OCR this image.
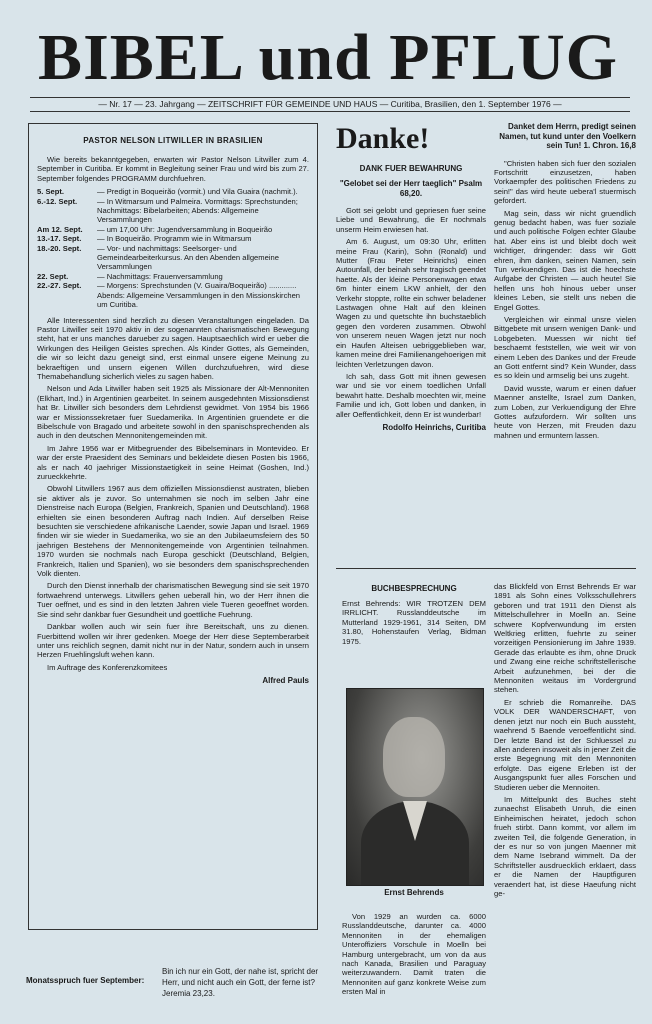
BIBEL und PFLUG
— Nr. 17 — 23. Jahrgang — ZEITSCHRIFT FÜR GEMEINDE UND HAUS — Curitiba, Brasilien, den 1. September 1976 —
PASTOR NELSON LITWILLER IN BRASILIEN

Wie bereits bekanntgegeben, erwarten wir Pastor Nelson Litwiller zum 4. September in Curitiba. Er kommt in Begleitung seiner Frau und wird bis zum 27. September folgendes PROGRAMM durchfuehren.

5. Sept.	— Predigt in Boqueirão (vormit.) und Vila Guaira (nachmit.).
6.-12. Sept.	— In Witmarsum und Palmeira. Vormittags: Sprechstunden; Nachmittags: Bibelarbeiten; Abends: Allgemeine Versammlungen
Am 12. Sept.	— um 17,00 Uhr: Jugendversammlung in Boqueirão
13.-17. Sept.	— In Boqueirão. Programm wie in Witmarsum
18.-20. Sept.	— Vor- und nachmittags: Seelsorger- und Gemeindearbeiterkursus. An den Abenden allgemeine Versammlungen
22. Sept.	— Nachmittags: Frauenversammlung
22.-27. Sept.	— Morgens: Sprechstunden (V. Guaira/Boqueirão) ............. Abends: Allgemeine Versammlungen in den Missionskirchen um Curitiba.

Alle Interessenten sind herzlich zu diesen Veranstaltungen eingeladen. Da Pastor Litwiller seit 1970 aktiv in der sogenannten charismatischen Bewegung steht, hat er uns manches darueber zu sagen. Hauptsaechlich wird er ueber die Wirkungen des Heiligen Geistes sprechen. Als Kinder Gottes, als Gemeinden, die wir so leicht dazu geneigt sind, erst einmal unsere eigene Meinung zu bekraeftigen und unsern eigenen Willen durchzufuehren, wird diese Themabehandlung sicherlich vieles zu sagen haben.

Nelson und Ada Litwiller haben seit 1925 als Missionare der Alt-Mennoniten (Elkhart, Ind.) in Argentinien gearbeitet. In seinem ausgedehnten Missionsdienst hat Br. Litwiller sich besonders dem Lehrdienst gewidmet. Von 1954 bis 1966 war er Missionssekretaer fuer Suedamerika. In Argentinien gruendete er die Bibelschule von Bragado und arbeitete sowohl in den spanischsprechenden als auch in den deutschen Mennonitengemeinden mit.

Im Jahre 1956 war er Mitbegruender des Bibelseminars in Montevideo. Er war der erste Praesident des Seminars und bekleidete diesen Posten bis 1966, als er nach 40 jaehriger Missionstaetigkeit in seine Heimat (Goshen, Ind.) zurueckkehrte.

Obwohl Litwillers 1967 aus dem offiziellen Missionsdienst austraten, blieben sie aktiver als je zuvor. So unternahmen sie noch im selben Jahr eine Dienstreise nach Europa (Belgien, Frankreich, Spanien und Deutschland). 1968 erhielten sie einen besonderen Auftrag nach Indien. Auf derselben Reise besuchten sie verschiedene afrikanische Laender, sowie Japan und Israel. 1969 finden wir sie wieder in Suedamerika, wo sie an den Jubilaeumsfeiern des 50 jaehrigen Bestehens der Mennonitengemeinde von Argentinien teilnahmen. 1970 wurden sie nochmals nach Europa geschickt (Deutschland, Belgien, Frankreich, Italien und Spanien), wo sie besonders dem spanischsprechenden Volk dienten.

Durch den Dienst innerhalb der charismatischen Bewegung sind sie seit 1970 fortwaehrend unterwegs. Litwillers gehen ueberall hin, wo der Herr ihnen die Tuer oeffnet, und es sind in den letzten Jahren viele Tueren geoeffnet worden. Sie sind sehr dankbar fuer Gesundheit und goettliche Fuehrung.

Dankbar wollen auch wir sein fuer ihre Bereitschaft, uns zu dienen. Fuerbittend wollen wir ihrer gedenken. Moege der Herr diese Septemberarbeit unter uns reichlich segnen, damit nicht nur in der Natur, sondern auch in unsern Herzen Fruehlingsluft wehen kann.

Im Auftrage des Konferenzkomitees

Alfred Pauls
Danke!
DANK FUER BEWAHRUNG
"Gelobet sei der Herr taeglich" Psalm 68,20.

Gott sei gelobt und gepriesen fuer seine Liebe und Bewahrung, die Er nochmals unserm Heim erwiesen hat.

Am 6. August, um 09:30 Uhr, erlitten meine Frau (Karin), Sohn (Ronald) und Mutter (Frau Peter Heinrichs) einen Autounfall, der beinah sehr tragisch geendet haette. Als der kleine Personenwagen etwa 6m hinter einem LKW anhielt, der den Verkehr stoppte, rollte ein schwer beladener Lastwagen ohne Halt auf den kleinen Wagen zu und quetschte ihn buchstaeblich gegen den vorderen zusammen. Obwohl von unserem neuen Wagen jetzt nur noch ein Haufen Alteisen uebriggeblieben war, kamen meine drei Familienangehoerigen mit leichten Verletzungen davon.

Ich sah, dass Gott mit ihnen gewesen war und sie vor einem toedlichen Unfall bewahrt hatte. Deshalb moechten wir, meine Familie und ich, Gott loben und danken, in aller Oeffentlichkeit, denn Er ist wunderbar!

Rodolfo Heinrichs, Curitiba
Danket dem Herrn, predigt seinen Namen, tut kund unter den Voelkern sein Tun! 1. Chron. 16,8

"Christen haben sich fuer den sozialen Fortschritt einzusetzen, haben Vorkaempfer des politischen Friedens zu sein!" das wird heute uebera'l stuermisch gefordert.

Mag sein, dass wir nicht gruendlich genug bedacht haben, was fuer soziale und auch politische Folgen echter Glaube hat. Aber eins ist und bleibt doch weit wichtiger, dringender: dass wir Gott ehren, ihm danken, seinen Namen, sein Tun verkuendigen. Das ist die hoechste Aufgabe der Christen — auch heute! Sie helfen uns hoh hinous ueber unser kleines Leben, sie stellt uns neben die Engel Gottes.

Vergleichen wir einmal unsre vielen Bittgebete mit unsern wenigen Dank- und Lobgebeten. Muessen wir nicht tief beschaemt feststellen, wie weit wir von einem Leben des Dankes und der Freude an Gott entfernt sind? Kein Wunder, dass es so klein und armselig bei uns zugeht.

David wusste, warum er einen dafuer Maenner anstellte, Israel zum Danken, zum Loben, zur Verkuendigung der Ehre Gottes aufzufordern. Wir sollten uns heute von Herzen, mit Freuden dazu mahnen und ermuntern lassen.

BUCHBESPRECHUNG

Ernst Behrends: WIR TROTZEN DEM IRRLICHT. Russlanddeutsche im Mutterland 1929-1961, 314 Seiten, DM 31.80, Hohenstaufen Verlag, Bidman 1975.

Ernst Behrends

Von 1929 an wurden ca. 6000 Russlanddeutsche, darunter ca. 4000 Mennoniten in der ehemaligen Unteroffiziers Vorschule in Moelln bei Hamburg untergebracht, um von da aus nach Kanada, Brasilien und Paraguay weiterzuwandern. Damit traten die Mennoniten auf ganz konkrete Weise zum ersten Mal in

das Blickfeld von Ernst Behrends Er war 1891 als Sohn eines Volksschullehrers geboren und trat 1911 den Dienst als Mittelschullehrer in Moelln an. Seine schwere Kopfverwundung im ersten Weltkrieg erlitten, fuehrte zu seiner vorzeitigen Pensionierung im Jahre 1939. Gerade das erlaubte es ihm, ohne Druck und Zwang eine reiche schriftstellerische Arbeit aufzunehmen, bei der die Mennoniten weitaus im Vordergrund stehen.

Er schrieb die Romanreihe. DAS VOLK DER WANDERSCHAFT, von denen jetzt nur noch ein Buch aussteht, waehrend 5 Baende veroeffentlicht sind. Der letzte Band ist der Schluessel zu allen anderen insoweit als in jener Zeit die erste Begegnung mit den Mennoniten erfolgte. Das eigene Erleben ist der Ausgangspunkt fuer alles Forschen und Studieren ueber die Mennoiten.

Im Mittelpunkt des Buches steht zunaechst Elisabeth Unruh, die einen Einheimischen heiratet, jedoch schon frueh stirbt. Dann kommt, vor allem im zweiten Teil, die folgende Generation, in der es nur so von jungen Maenner mit dem Name Isebrand wimmelt. Da der Schriftsteller ausdruecklich erklaert, dass er die Namen der Hauptfiguren veraendert hat, ist diese Haeufung nicht ge-

Monatsspruch fuer September:
Bin ich nur ein Gott, der nahe ist, spricht der Herr, und nicht auch ein Gott, der ferne ist? Jeremia 23,23.
